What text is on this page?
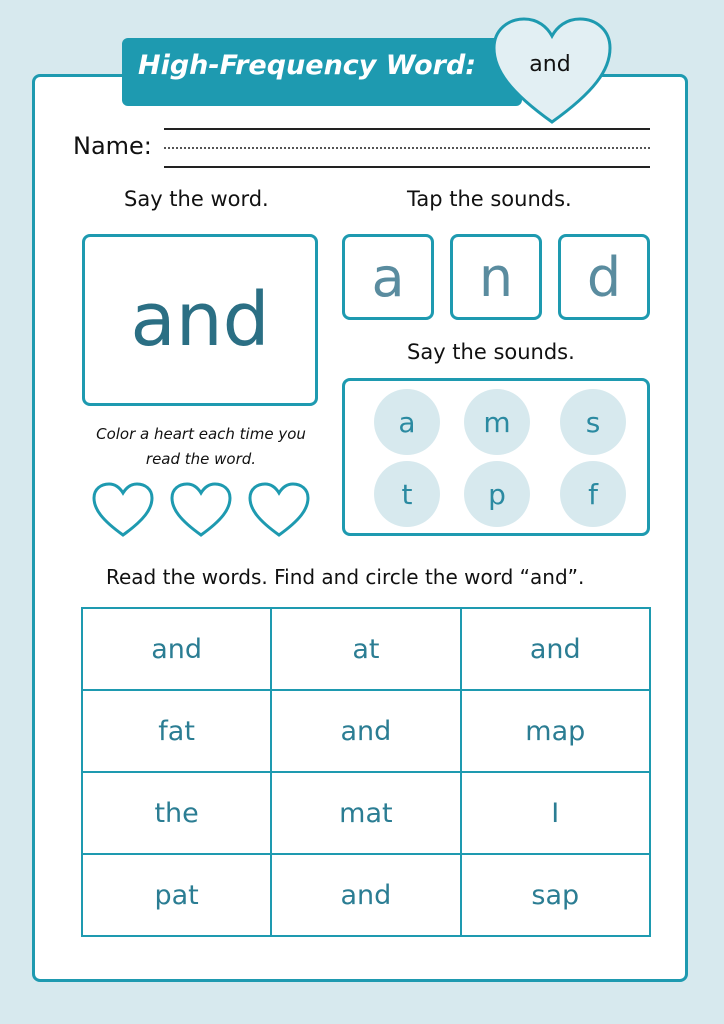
High-Frequency Word:	and
Name:
Say the word.	Tap the sounds.
and a n d
Say the sounds.
a	m	s
t	p	f
Color a heart each time you
read the word.
Read the words. Find and circle the word “and”.
and	at	and
fat	and	map
the	mat	I
pat	and	sap
